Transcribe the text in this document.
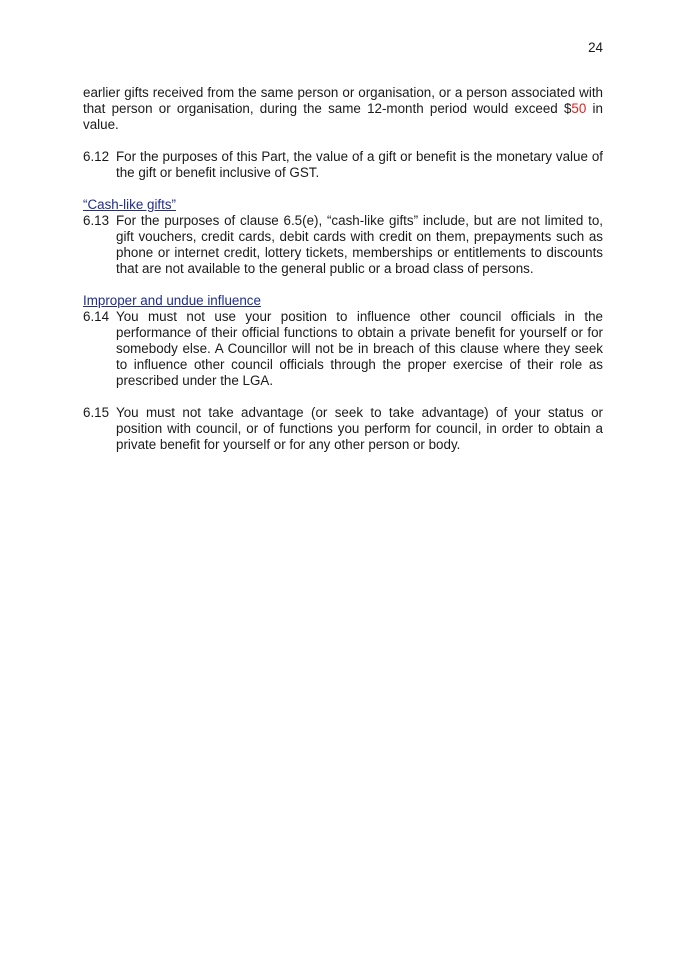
24

earlier gifts received from the same person or organisation, or a person associated with that person or organisation, during the same 12-month period would exceed $50 in value.

6.12 For the purposes of this Part, the value of a gift or benefit is the monetary value of the gift or benefit inclusive of GST.
“Cash-like gifts”
6.13 For the purposes of clause 6.5(e), “cash-like gifts” include, but are not limited to, gift vouchers, credit cards, debit cards with credit on them, prepayments such as phone or internet credit, lottery tickets, memberships or entitlements to discounts that are not available to the general public or a broad class of persons.
Improper and undue influence
6.14 You must not use your position to influence other council officials in the performance of their official functions to obtain a private benefit for yourself or for somebody else. A Councillor will not be in breach of this clause where they seek to influence other council officials through the proper exercise of their role as prescribed under the LGA.
6.15 You must not take advantage (or seek to take advantage) of your status or position with council, or of functions you perform for council, in order to obtain a private benefit for yourself or for any other person or body.
